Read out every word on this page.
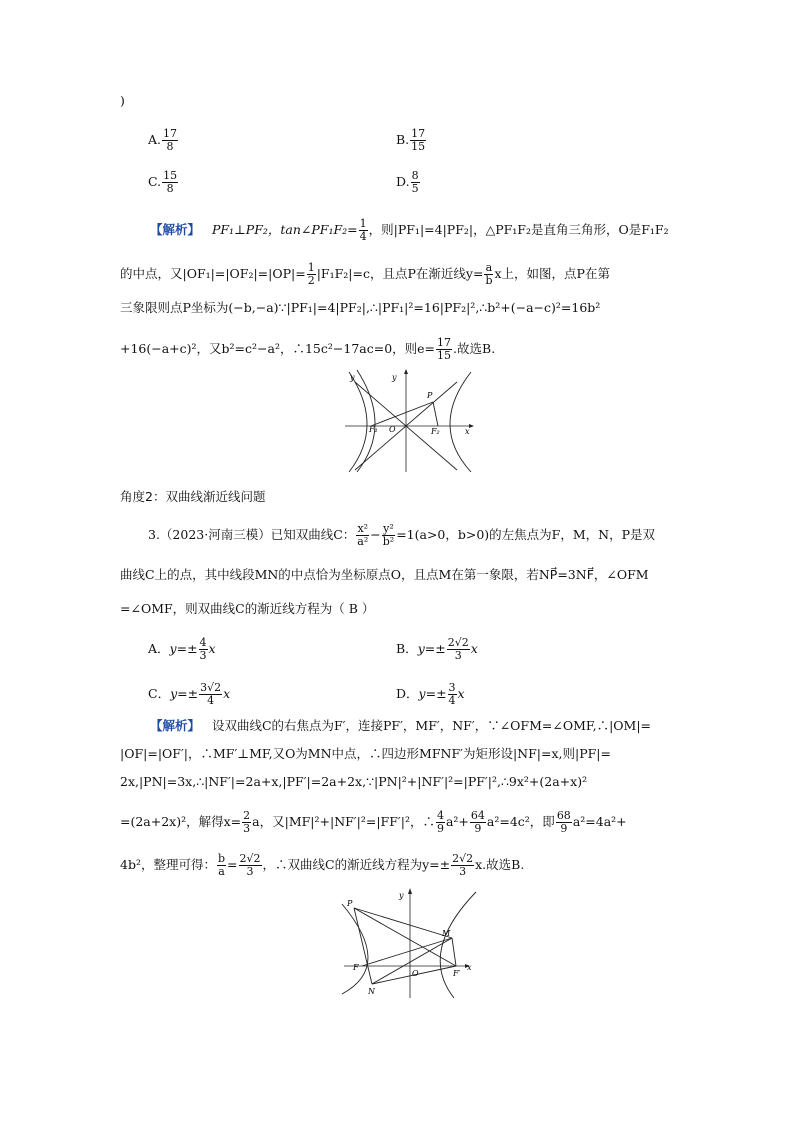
)
A. $\frac{17}{8}$	B. $\frac{17}{15}$
C. $\frac{15}{8}$	D. $\frac{8}{5}$
【解析】 PF₁⊥PF₂，tan∠PF₁F₂= $\frac{1}{4}$ ，则|PF₁|=4|PF₂|，△PF₁F₂是直角三角形，O是F₁F₂
的中点，又$|OF_1|=|OF_2|=|OP|= \frac{1}{2} |F_1F_2|=c$，且点P在渐近线$y= \frac{a}{b}$ x上，如图，点P在第
三象限则点P坐标为(−b,−a)∵|PF₁|=4|PF₂|,∴|PF₁|²=16|PF₂|²,∴b²+(−a−c)²=16b²
+16(−a+c)²，又b²=c²−a²，∴15c²−17ac=0，则$e= \frac{17}{15}$ .故选B.
y	y
P
O
F₁	F₂	x
角度2：双曲线渐近线问题
3.（2023·河南三模）已知双曲线C： $\frac{\text{x²}}{\text{a²}} - \frac{\text{y²}}{\text{b²}} =1(a>0$，b>0)的左焦点为F，M，N，P是双
曲线C上的点，其中线段MN的中点恰为坐标原点O，且点M在第一象限，若NP⃗=3NF⃗，∠OFM
=∠OMF，则双曲线C的渐近线方程为（ B ）
A．$y=\pm \frac{4}{3}$ x	B．$y=\pm \frac{2√2}{3}$ x
C．$y=\pm \frac{3√2}{4}$ x	D．$y=\pm \frac{3}{4}$ x
【解析】 设双曲线C的右焦点为F′，连接PF′，MF′，NF′，∵∠OFM=∠OMF,∴|OM|=
|OF|=|OF′|，∴MF′⊥MF,又O为MN中点，∴四边形MFNF′为矩形设|NF|=x,则|PF|=
2x,|PN|=3x,∴|NF′|=2a+x,|PF′|=2a+2x,∵|PN|²+|NF′|²=|PF′|²,∴9x²+(2a+x)²
=(2a+2x)²，解得$x= \frac{2}{3}$ a，又|MF|²+|NF′|²=|FF′|²，∴ $\frac{4}{9} a^2+ \frac{64}{9} a^2=4c^2$，即 $\frac{68}{9} a^2=4a^2+$
4b²，整理可得： $\frac{b}{a} = \frac{2√2}{3}$ ，∴双曲线C的渐近线方程为$y=\pm \frac{2√2}{3} x$.故选B.
P
y
M
F
O	F′
x
N
